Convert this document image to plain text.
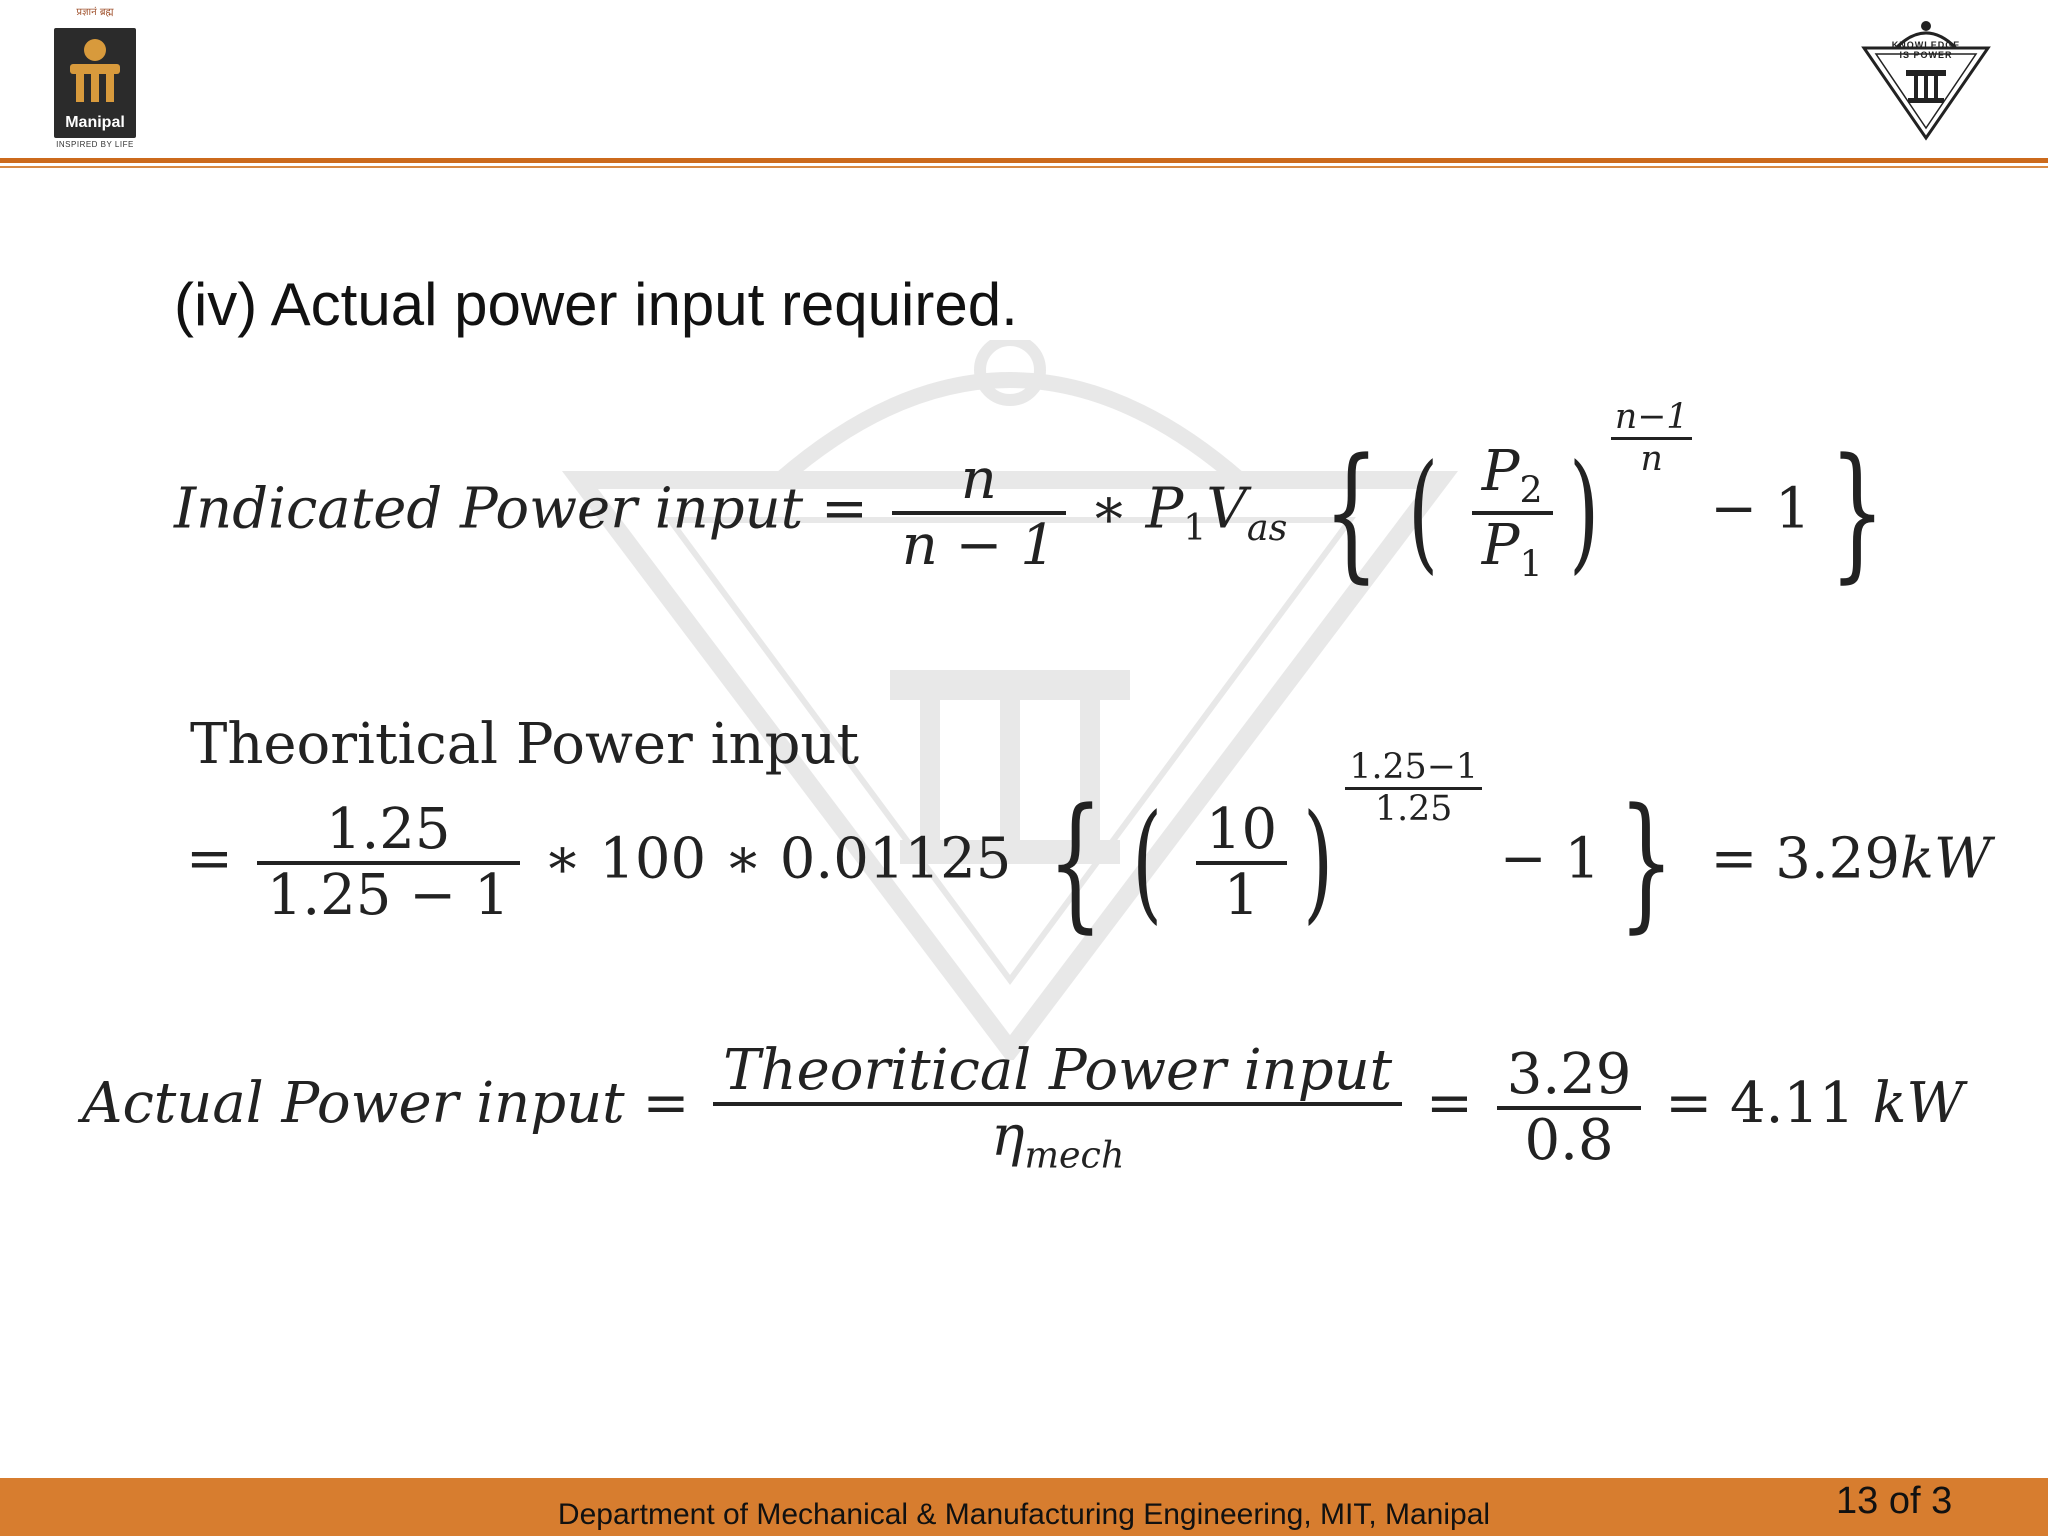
प्रज्ञानं ब्रह्म
Manipal
INSPIRED BY LIFE
KNOWLEDGE IS POWER
(iv) Actual power input required.
Indicated Power input = $\frac{n}{n - 1}$ ∗ $P_1V_{as}$ { ( $\frac{P_2}{P_1}$ ) $\frac{n-1}{n}$
− 1 }
Theoritical Power input
= $\frac{1.25}{1.25 - 1}$ ∗ 100 ∗ 0.01125 { ( $\frac{10}{1}$ ) $\frac{1.25-1}{1.25}$
− 1 } = 3.29kW
Actual Power input = $\frac{\text{Theoritical Power input}}{\eta_{mech}} = \frac{3.29}{0.8} = 4.11$ kW
Department of Mechanical & Manufacturing Engineering, MIT, Manipal	13 of 3
